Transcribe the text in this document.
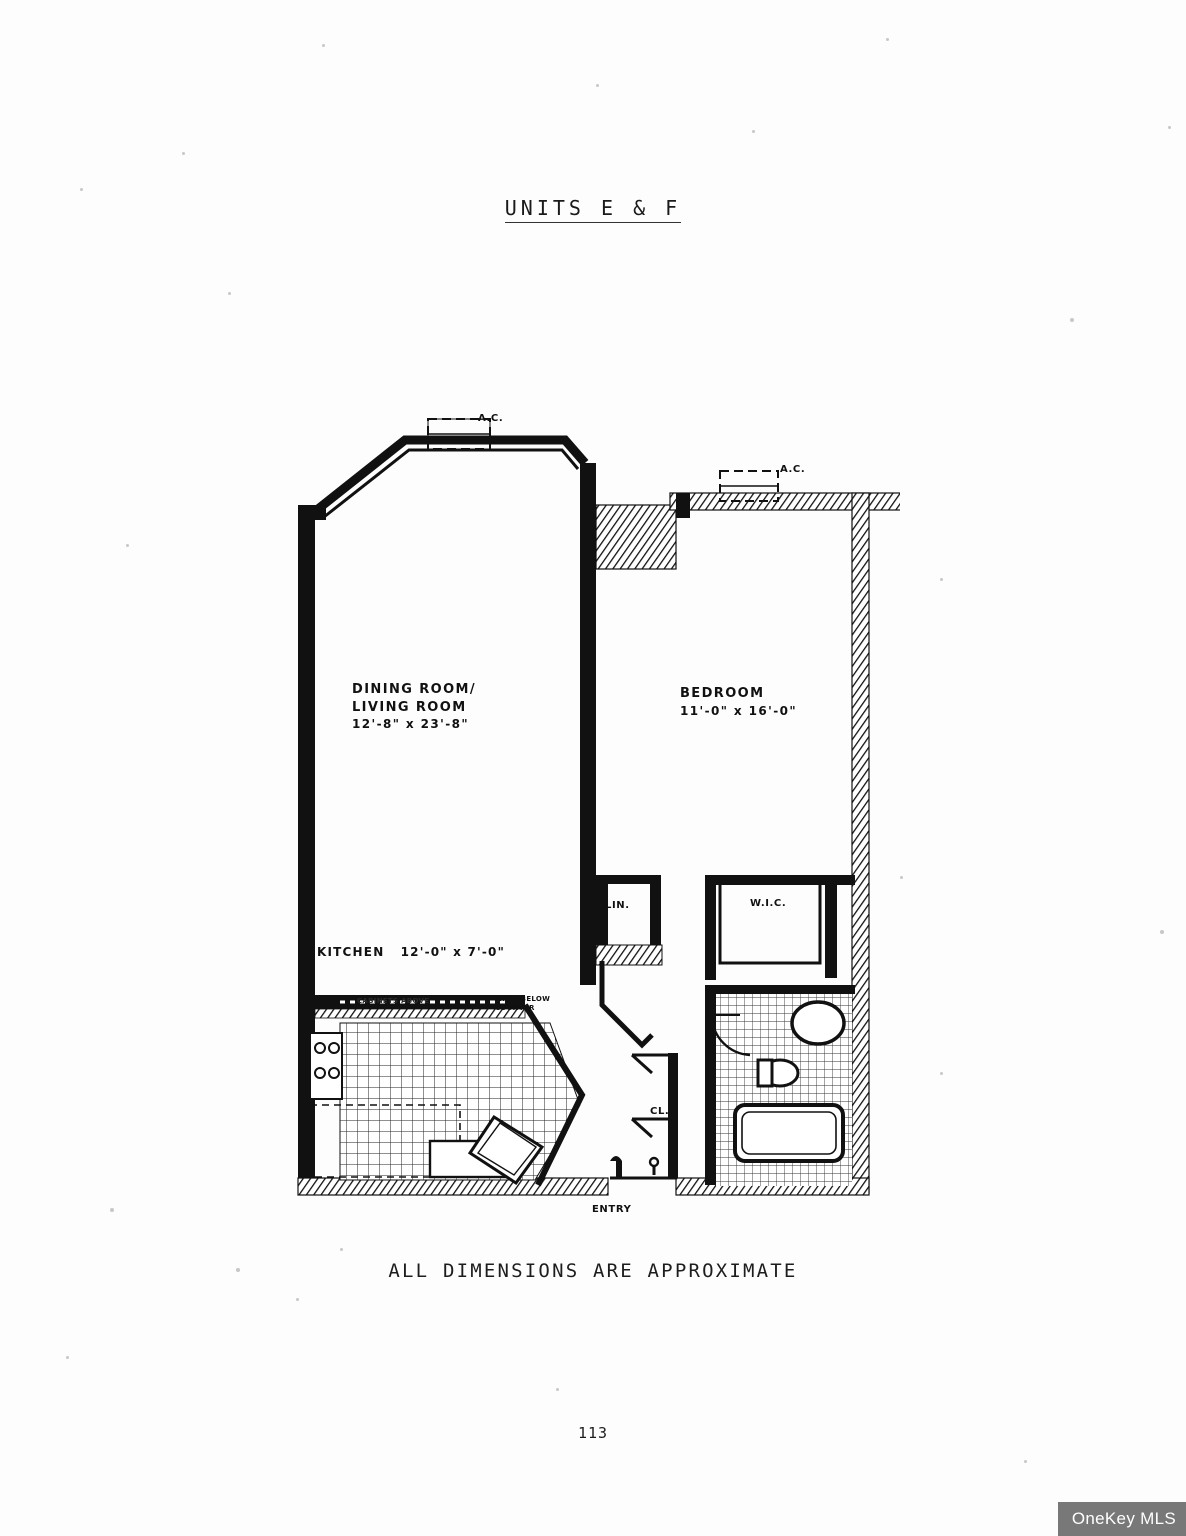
UNITS E & F
A.C.
A.C.
DINING ROOM/
LIVING ROOM
12'-8" x 23'-8"
BEDROOM
11'-0" x 16'-0"
KITCHEN 12'-0" x 7'-0"
CABINETS ABOVE	WALL BELOW
COUNTER
LIN.	W.I.C.
CL.
ENTRY
ALL DIMENSIONS ARE APPROXIMATE
113
OneKey MLS
